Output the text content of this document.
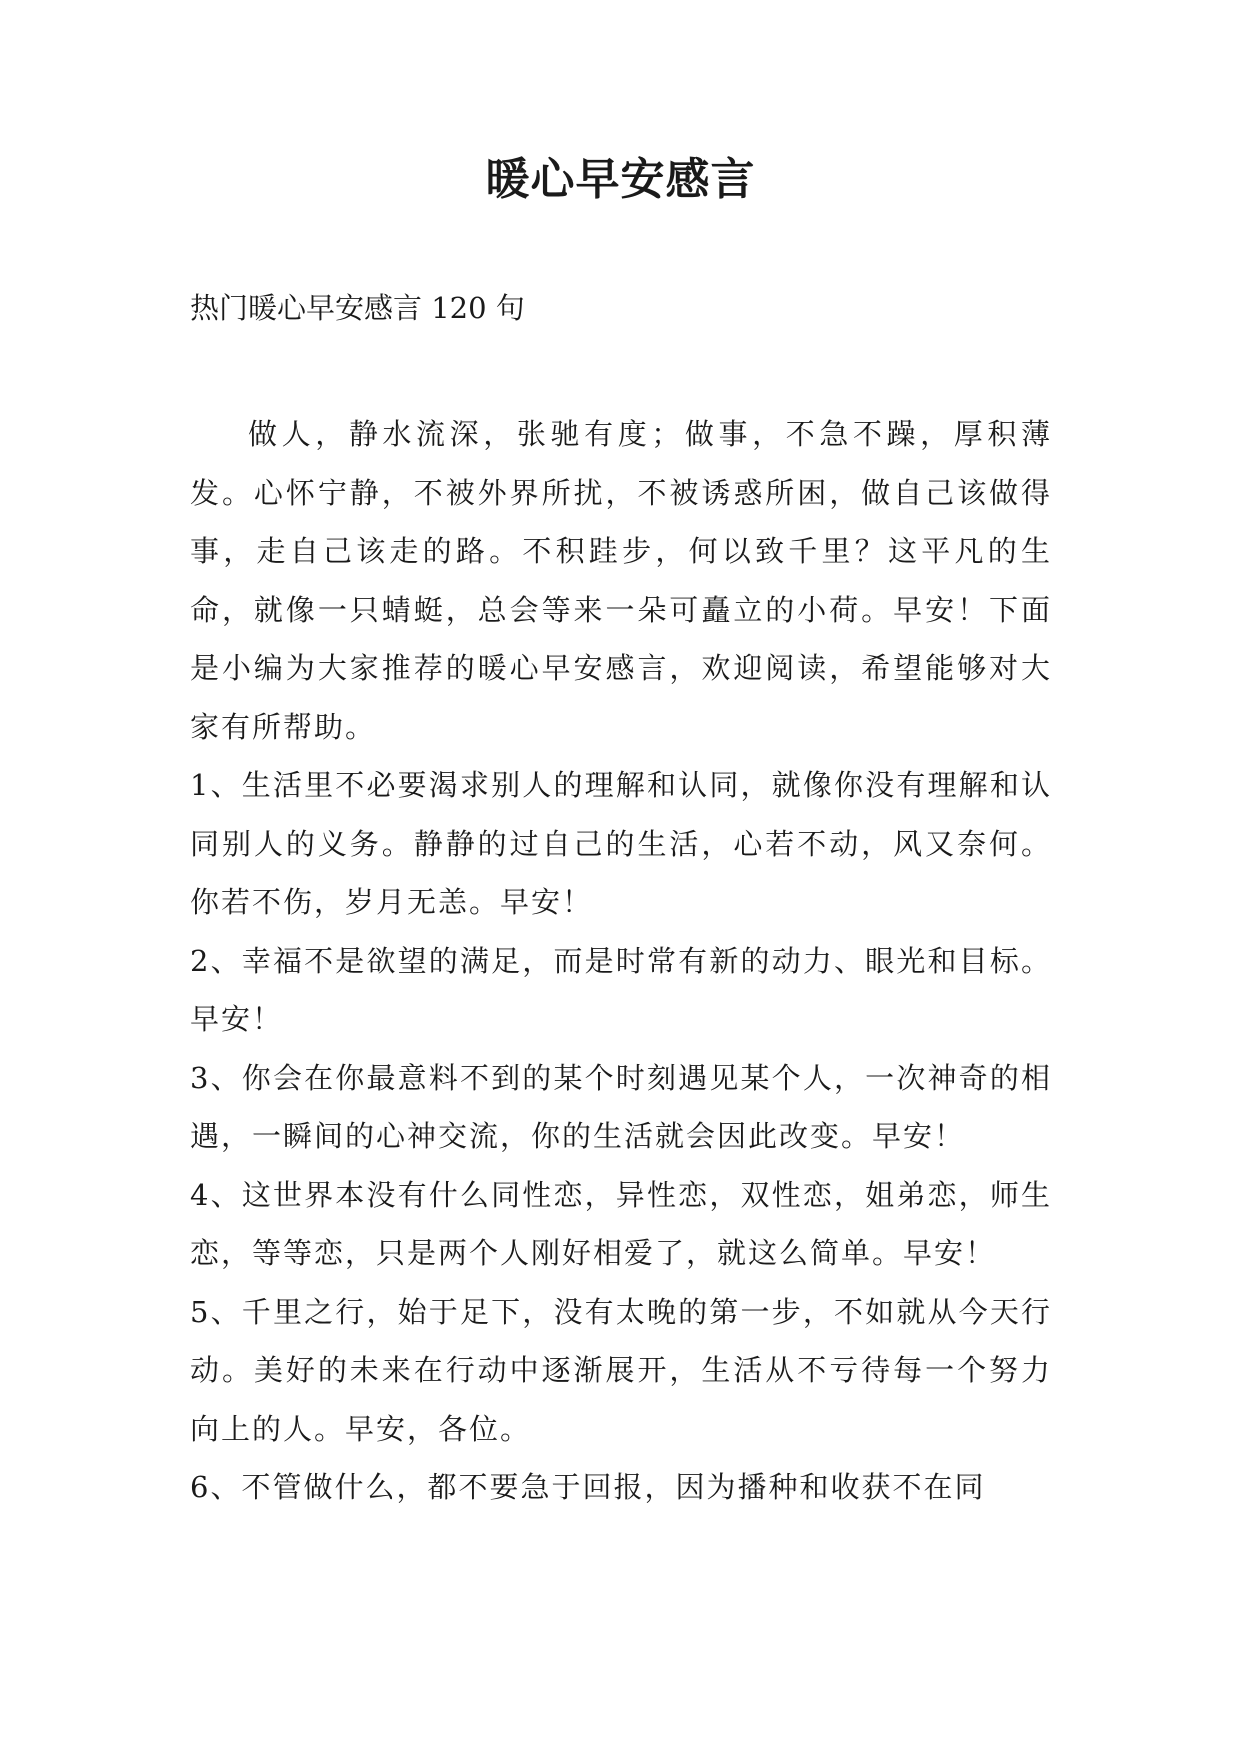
暖心早安感言

热门暖心早安感言 120 句

做人，静水流深，张驰有度；做事，不急不躁，厚积薄发。心怀宁静，不被外界所扰，不被诱惑所困，做自己该做得事，走自己该走的路。不积跬步，何以致千里？这平凡的生命，就像一只蜻蜓，总会等来一朵可矗立的小荷。早安！下面是小编为大家推荐的暖心早安感言，欢迎阅读，希望能够对大家有所帮助。

1、生活里不必要渴求别人的理解和认同，就像你没有理解和认同别人的义务。静静的过自己的生活，心若不动，风又奈何。你若不伤，岁月无恙。早安！

2、幸福不是欲望的满足，而是时常有新的动力、眼光和目标。早安！

3、你会在你最意料不到的某个时刻遇见某个人，一次神奇的相遇，一瞬间的心神交流，你的生活就会因此改变。早安！

4、这世界本没有什么同性恋，异性恋，双性恋，姐弟恋，师生恋，等等恋，只是两个人刚好相爱了，就这么简单。早安！

5、千里之行，始于足下，没有太晚的第一步，不如就从今天行动。美好的未来在行动中逐渐展开，生活从不亏待每一个努力向上的人。早安，各位。

6、不管做什么，都不要急于回报，因为播种和收获不在同
